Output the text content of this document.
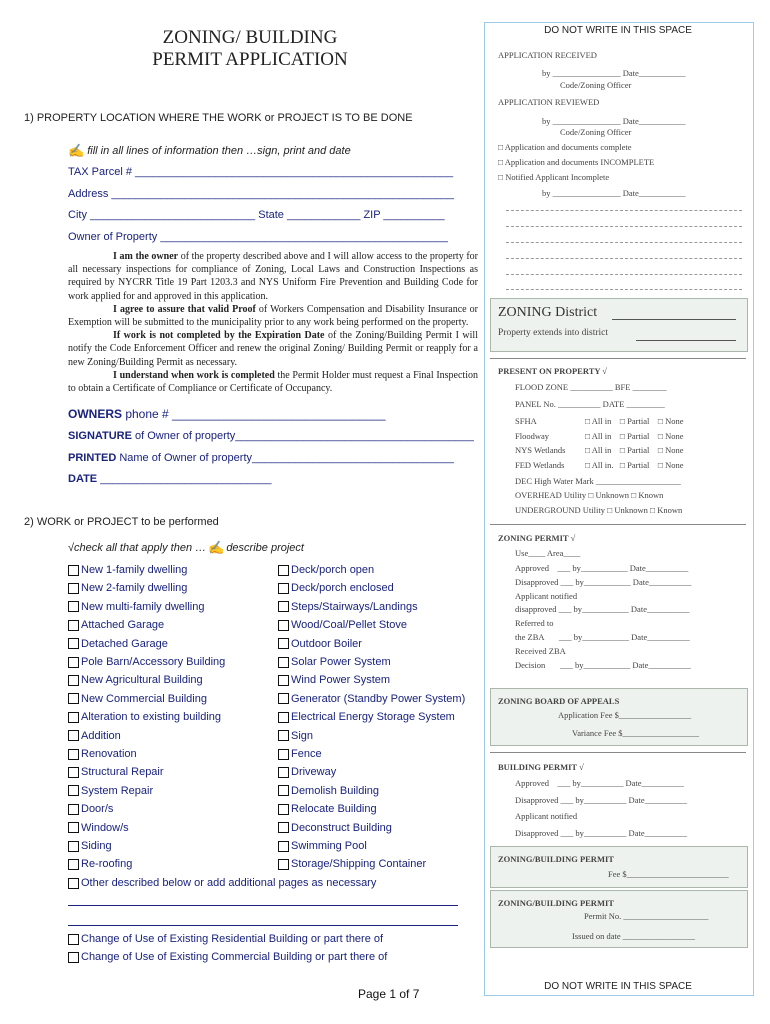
ZONING/ BUILDING
PERMIT APPLICATION
1) PROPERTY LOCATION WHERE THE WORK or PROJECT IS TO BE DONE
✍ fill in all lines of information then …sign, print and date
TAX Parcel # ____________________________________________________
Address ________________________________________________________
City ___________________________ State ____________ ZIP __________
Owner of Property _______________________________________________

I am the owner of the property described above and I will allow access to the property for all necessary inspections for compliance of Zoning, Local Laws and Construction Inspections as required by NYCRR Title 19 Part 1203.3 and NYS Uniform Fire Prevention and Building Code for work applied for and approved in this application.

I agree to assure that valid Proof of Workers Compensation and Disability Insurance or Exemption will be submitted to the municipality prior to any work being performed on the property.

If work is not completed by the Expiration Date of the Zoning/Building Permit I will notify the Code Enforcement Officer and renew the original Zoning/ Building Permit or reapply for a new Zoning/Building Permit as necessary.

I understand when work is completed the Permit Holder must request a Final Inspection to obtain a Certificate of Compliance or Certificate of Occupancy.

OWNERS phone # ________________________________
SIGNATURE of Owner of property_______________________________________
PRINTED Name of Owner of property_________________________________
DATE ____________________________
2) WORK or PROJECT to be performed
√check all that apply then … ✍ describe project
New 1-family dwelling
New 2-family dwelling
New multi-family dwelling
Attached Garage
Detached Garage
Pole Barn/Accessory Building
New Agricultural Building
New Commercial Building
Alteration to existing building
Addition
Renovation
Structural Repair
System Repair
Door/s
Window/s
Siding
Re-roofing
Deck/porch open
Deck/porch enclosed
Steps/Stairways/Landings
Wood/Coal/Pellet Stove
Outdoor Boiler
Solar Power System
Wind Power System
Generator (Standby Power System)
Electrical Energy Storage System
Sign
Fence
Driveway
Demolish Building
Relocate Building
Deconstruct Building
Swimming Pool
Storage/Shipping Container
Other described below or add additional pages as necessary
Change of Use of Existing Residential Building or part there of
Change of Use of Existing Commercial Building or part there of
Page 1 of 7
DO NOT WRITE IN THIS SPACE
DO NOT WRITE IN THIS SPACE
APPLICATION RECEIVED
by ________________ Date___________
Code/Zoning Officer
APPLICATION REVIEWED
by ________________ Date___________
Code/Zoning Officer
□ Application and documents complete
□ Application and documents INCOMPLETE
□ Notified Applicant Incomplete
by ________________ Date___________
ZONING District
Property extends into district
PRESENT ON PROPERTY √
FLOOD ZONE __________ BFE ________
PANEL No. __________ DATE _________
SFHA	□ All in    □ Partial    □ None
Floodway	□ All in    □ Partial    □ None
NYS Wetlands □ All in    □ Partial    □ None
FED Wetlands □ All in.   □ Partial    □ None
DEC High Water Mark ____________________
OVERHEAD Utility □ Unknown □ Known
UNDERGROUND Utility □ Unknown □ Known
ZONING PERMIT √
Use____ Area____
Approved    ___ by___________ Date__________
Disapproved ___ by___________ Date__________
Applicant notified
disapproved ___ by___________ Date__________
Referred to
the ZBA       ___ by___________ Date__________
Received ZBA
Decision       ___ by___________ Date__________
ZONING BOARD OF APPEALS
Application Fee $_________________
Variance Fee $__________________
BUILDING PERMIT √
Approved    ___ by__________ Date__________
Disapproved ___ by__________ Date__________
Applicant notified
Disapproved ___ by__________ Date__________
ZONING/BUILDING PERMIT
Fee $________________________
ZONING/BUILDING PERMIT
Permit No. ____________________
Issued on date _________________
